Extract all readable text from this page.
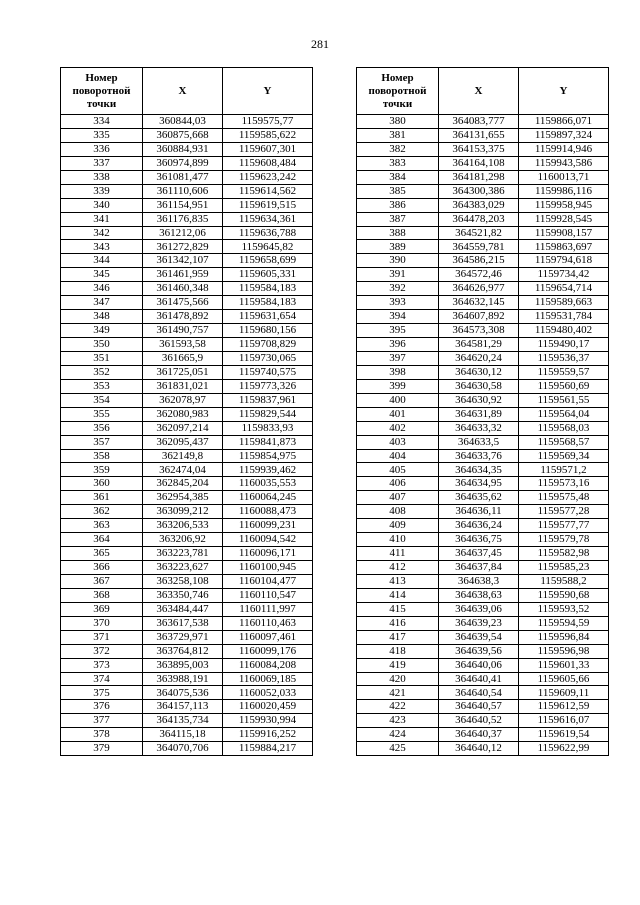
281
Номер поворотной точки	X	Y
334	360844,03	1159575,77
335	360875,668	1159585,622
336	360884,931	1159607,301
337	360974,899	1159608,484
338	361081,477	1159623,242
339	361110,606	1159614,562
340	361154,951	1159619,515
341	361176,835	1159634,361
342	361212,06	1159636,788
343	361272,829	1159645,82
344	361342,107	1159658,699
345	361461,959	1159605,331
346	361460,348	1159584,183
347	361475,566	1159584,183
348	361478,892	1159631,654
349	361490,757	1159680,156
350	361593,58	1159708,829
351	361665,9	1159730,065
352	361725,051	1159740,575
353	361831,021	1159773,326
354	362078,97	1159837,961
355	362080,983	1159829,544
356	362097,214	1159833,93
357	362095,437	1159841,873
358	362149,8	1159854,975
359	362474,04	1159939,462
360	362845,204	1160035,553
361	362954,385	1160064,245
362	363099,212	1160088,473
363	363206,533	1160099,231
364	363206,92	1160094,542
365	363223,781	1160096,171
366	363223,627	1160100,945
367	363258,108	1160104,477
368	363350,746	1160110,547
369	363484,447	1160111,997
370	363617,538	1160110,463
371	363729,971	1160097,461
372	363764,812	1160099,176
373	363895,003	1160084,208
374	363988,191	1160069,185
375	364075,536	1160052,033
376	364157,113	1160020,459
377	364135,734	1159930,994
378	364115,18	1159916,252
379	364070,706	1159884,217
Номер поворотной точки	X	Y
380	364083,777	1159866,071
381	364131,655	1159897,324
382	364153,375	1159914,946
383	364164,108	1159943,586
384	364181,298	1160013,71
385	364300,386	1159986,116
386	364383,029	1159958,945
387	364478,203	1159928,545
388	364521,82	1159908,157
389	364559,781	1159863,697
390	364586,215	1159794,618
391	364572,46	1159734,42
392	364626,977	1159654,714
393	364632,145	1159589,663
394	364607,892	1159531,784
395	364573,308	1159480,402
396	364581,29	1159490,17
397	364620,24	1159536,37
398	364630,12	1159559,57
399	364630,58	1159560,69
400	364630,92	1159561,55
401	364631,89	1159564,04
402	364633,32	1159568,03
403	364633,5	1159568,57
404	364633,76	1159569,34
405	364634,35	1159571,2
406	364634,95	1159573,16
407	364635,62	1159575,48
408	364636,11	1159577,28
409	364636,24	1159577,77
410	364636,75	1159579,78
411	364637,45	1159582,98
412	364637,84	1159585,23
413	364638,3	1159588,2
414	364638,63	1159590,68
415	364639,06	1159593,52
416	364639,23	1159594,59
417	364639,54	1159596,84
418	364639,56	1159596,98
419	364640,06	1159601,33
420	364640,41	1159605,66
421	364640,54	1159609,11
422	364640,57	1159612,59
423	364640,52	1159616,07
424	364640,37	1159619,54
425	364640,12	1159622,99
